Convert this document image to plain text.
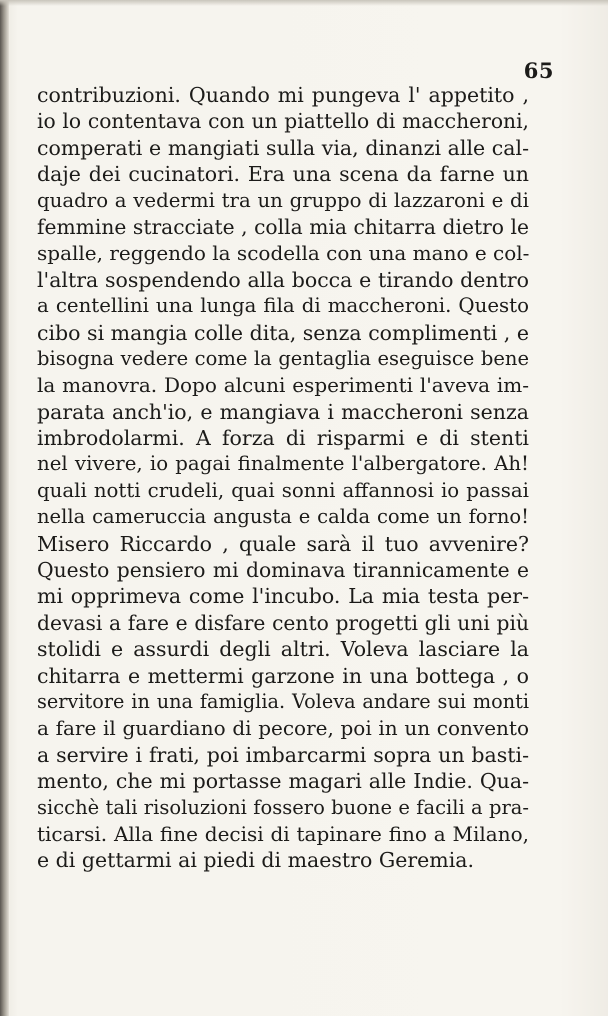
65
contribuzioni. Quando mi pungeva l' appetito ,
io lo contentava con un piattello di maccheroni,
comperati e mangiati sulla via, dinanzi alle cal-
daje dei cucinatori. Era una scena da farne un
quadro a vedermi tra un gruppo di lazzaroni e di
femmine stracciate , colla mia chitarra dietro le
spalle, reggendo la scodella con una mano e col-
l'altra sospendendo alla bocca e tirando dentro
a centellini una lunga fila di maccheroni. Questo
cibo si mangia colle dita, senza complimenti , e
bisogna vedere come la gentaglia eseguisce bene
la manovra. Dopo alcuni esperimenti l'aveva im-
parata anch'io, e mangiava i maccheroni senza
imbrodolarmi. A forza di risparmi e di stenti
nel vivere, io pagai finalmente l'albergatore. Ah!
quali notti crudeli, quai sonni affannosi io passai
nella cameruccia angusta e calda come un forno!
Misero Riccardo , quale sarà il tuo avvenire?
Questo pensiero mi dominava tirannicamente e
mi opprimeva come l'incubo. La mia testa per-
devasi a fare e disfare cento progetti gli uni più
stolidi e assurdi degli altri. Voleva lasciare la
chitarra e mettermi garzone in una bottega , o
servitore in una famiglia. Voleva andare sui monti
a fare il guardiano di pecore, poi in un convento
a servire i frati, poi imbarcarmi sopra un basti-
mento, che mi portasse magari alle Indie. Qua-
sicchè tali risoluzioni fossero buone e facili a pra-
ticarsi. Alla fine decisi di tapinare fino a Milano,
e di gettarmi ai piedi di maestro Geremia.
